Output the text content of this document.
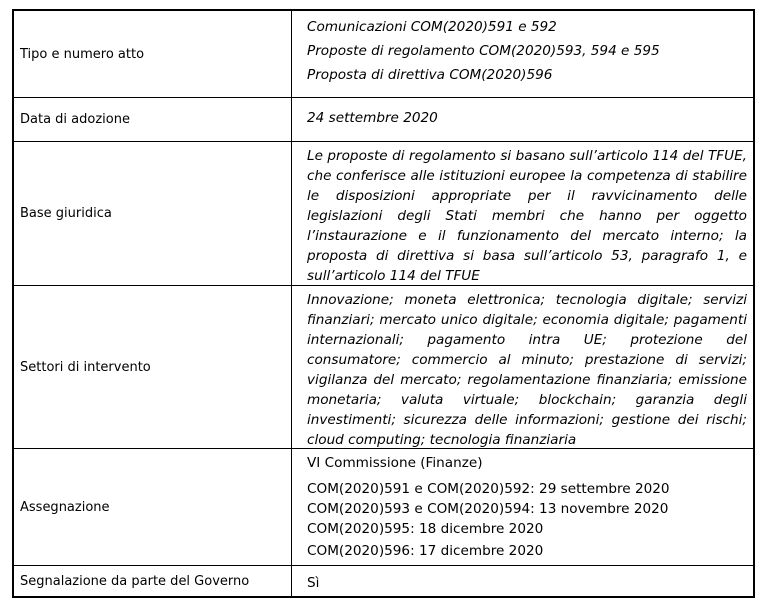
Tipo e numero atto
Comunicazioni COM(2020)591 e 592
Proposte di regolamento COM(2020)593, 594 e 595
Proposta di direttiva COM(2020)596
Data di adozione	24 settembre 2020
Base giuridica
Le proposte di regolamento si basano sull’articolo 114 del TFUE,
che conferisce alle istituzioni europee la competenza di stabilire
le disposizioni appropriate per il ravvicinamento delle
legislazioni degli Stati membri che hanno per oggetto
l’instaurazione e il funzionamento del mercato interno; la
proposta di direttiva si basa sull’articolo 53, paragrafo 1, e
sull’articolo 114 del TFUE
Settori di intervento
Innovazione; moneta elettronica; tecnologia digitale; servizi
finanziari; mercato unico digitale; economia digitale; pagamenti
internazionali; pagamento intra UE; protezione del
consumatore; commercio al minuto; prestazione di servizi;
vigilanza del mercato; regolamentazione finanziaria; emissione
monetaria; valuta virtuale; blockchain; garanzia degli
investimenti; sicurezza delle informazioni; gestione dei rischi;
cloud computing; tecnologia finanziaria
Assegnazione
VI Commissione (Finanze)
COM(2020)591 e COM(2020)592: 29 settembre 2020
COM(2020)593 e COM(2020)594: 13 novembre 2020
COM(2020)595: 18 dicembre 2020
COM(2020)596: 17 dicembre 2020
Segnalazione da parte del Governo	Sì
